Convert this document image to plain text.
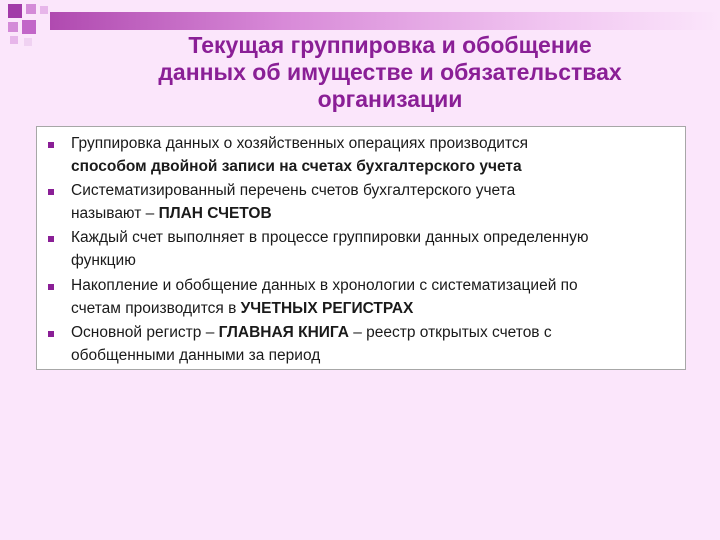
Текущая группировка и обобщение
данных об имуществе и обязательствах
организации
Группировка данных о хозяйственных операциях производится
способом двойной записи на счетах бухгалтерского учета
Систематизированный перечень счетов бухгалтерского учета
называют – ПЛАН СЧЕТОВ
Каждый счет выполняет в процессе группировки данных определенную
функцию
Накопление и обобщение данных в хронологии с систематизацией по
счетам производится в УЧЕТНЫХ РЕГИСТРАХ
Основной регистр – ГЛАВНАЯ КНИГА – реестр открытых счетов с
обобщенными данными за период
